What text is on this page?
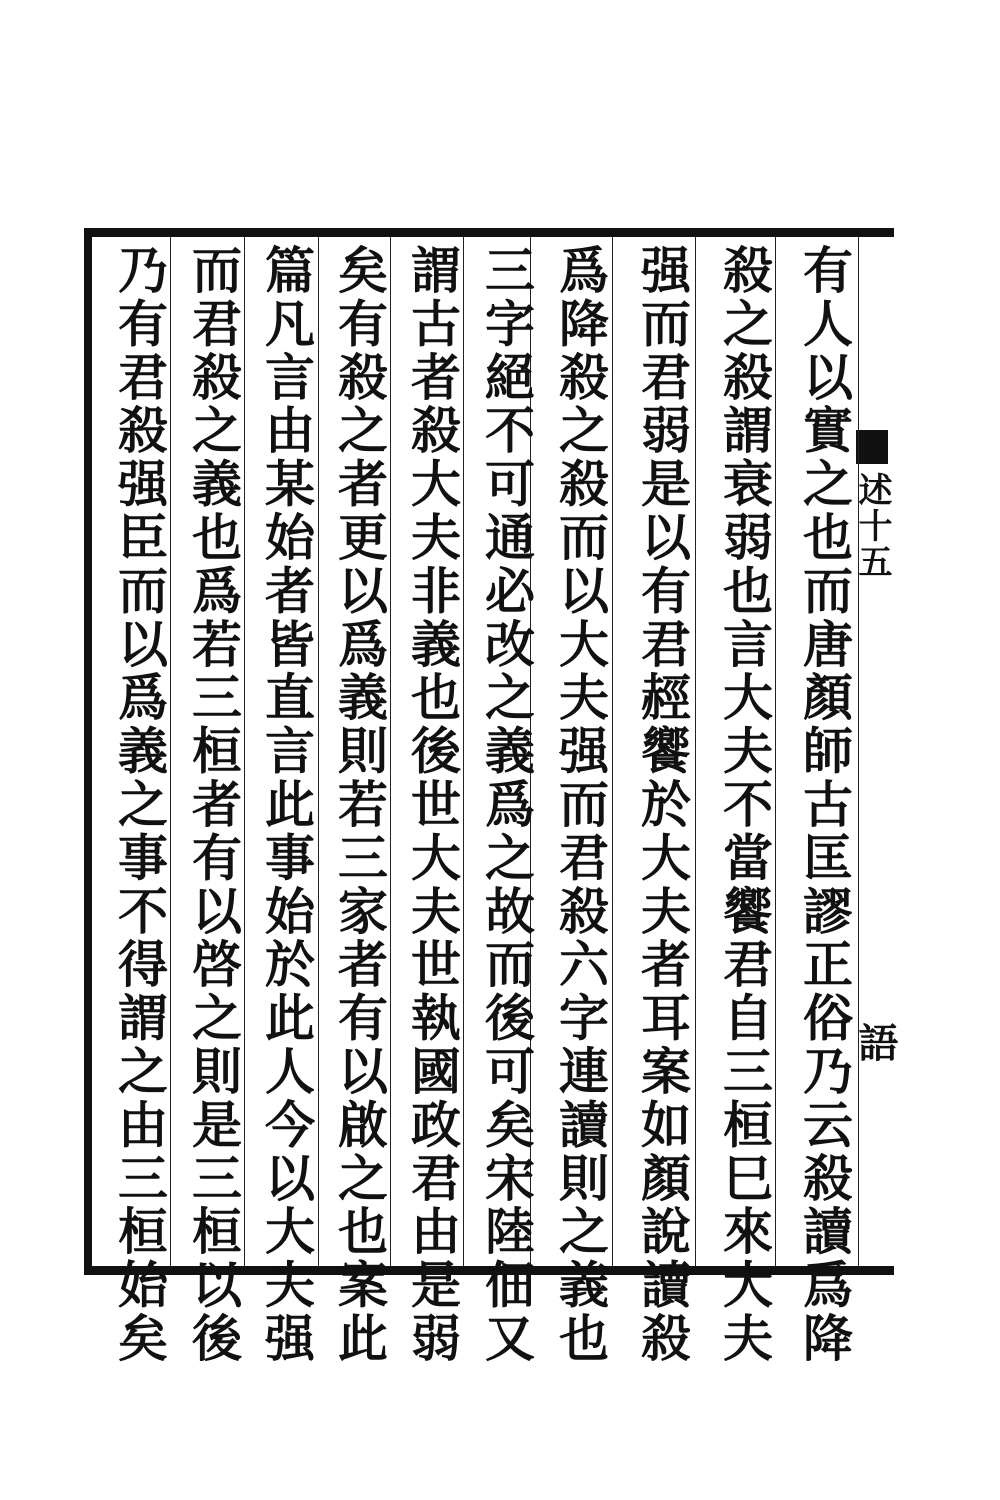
述十五
語
有人以實之也而唐顏師古匡謬正俗乃云殺讀爲降
殺之殺謂衰弱也言大夫不當饗君自三桓巳來大夫
强而君弱是以有君䞓饗於大夫者耳案如顏說讀殺
爲降殺之殺而以大夫强而君殺六字連讀則之義也
三字絕不可通必改之義爲之故而後可矣宋陸佃又
謂古者殺大夫非義也後世大夫世執國政君由是弱
矣有殺之者更以爲義則若三家者有以啟之也案此
篇凡言由某始者皆直言此事始於此人今以大夫强
而君殺之義也爲若三桓者有以啓之則是三桓以後
乃有君殺强臣而以爲義之事不得謂之由三桓始矣
